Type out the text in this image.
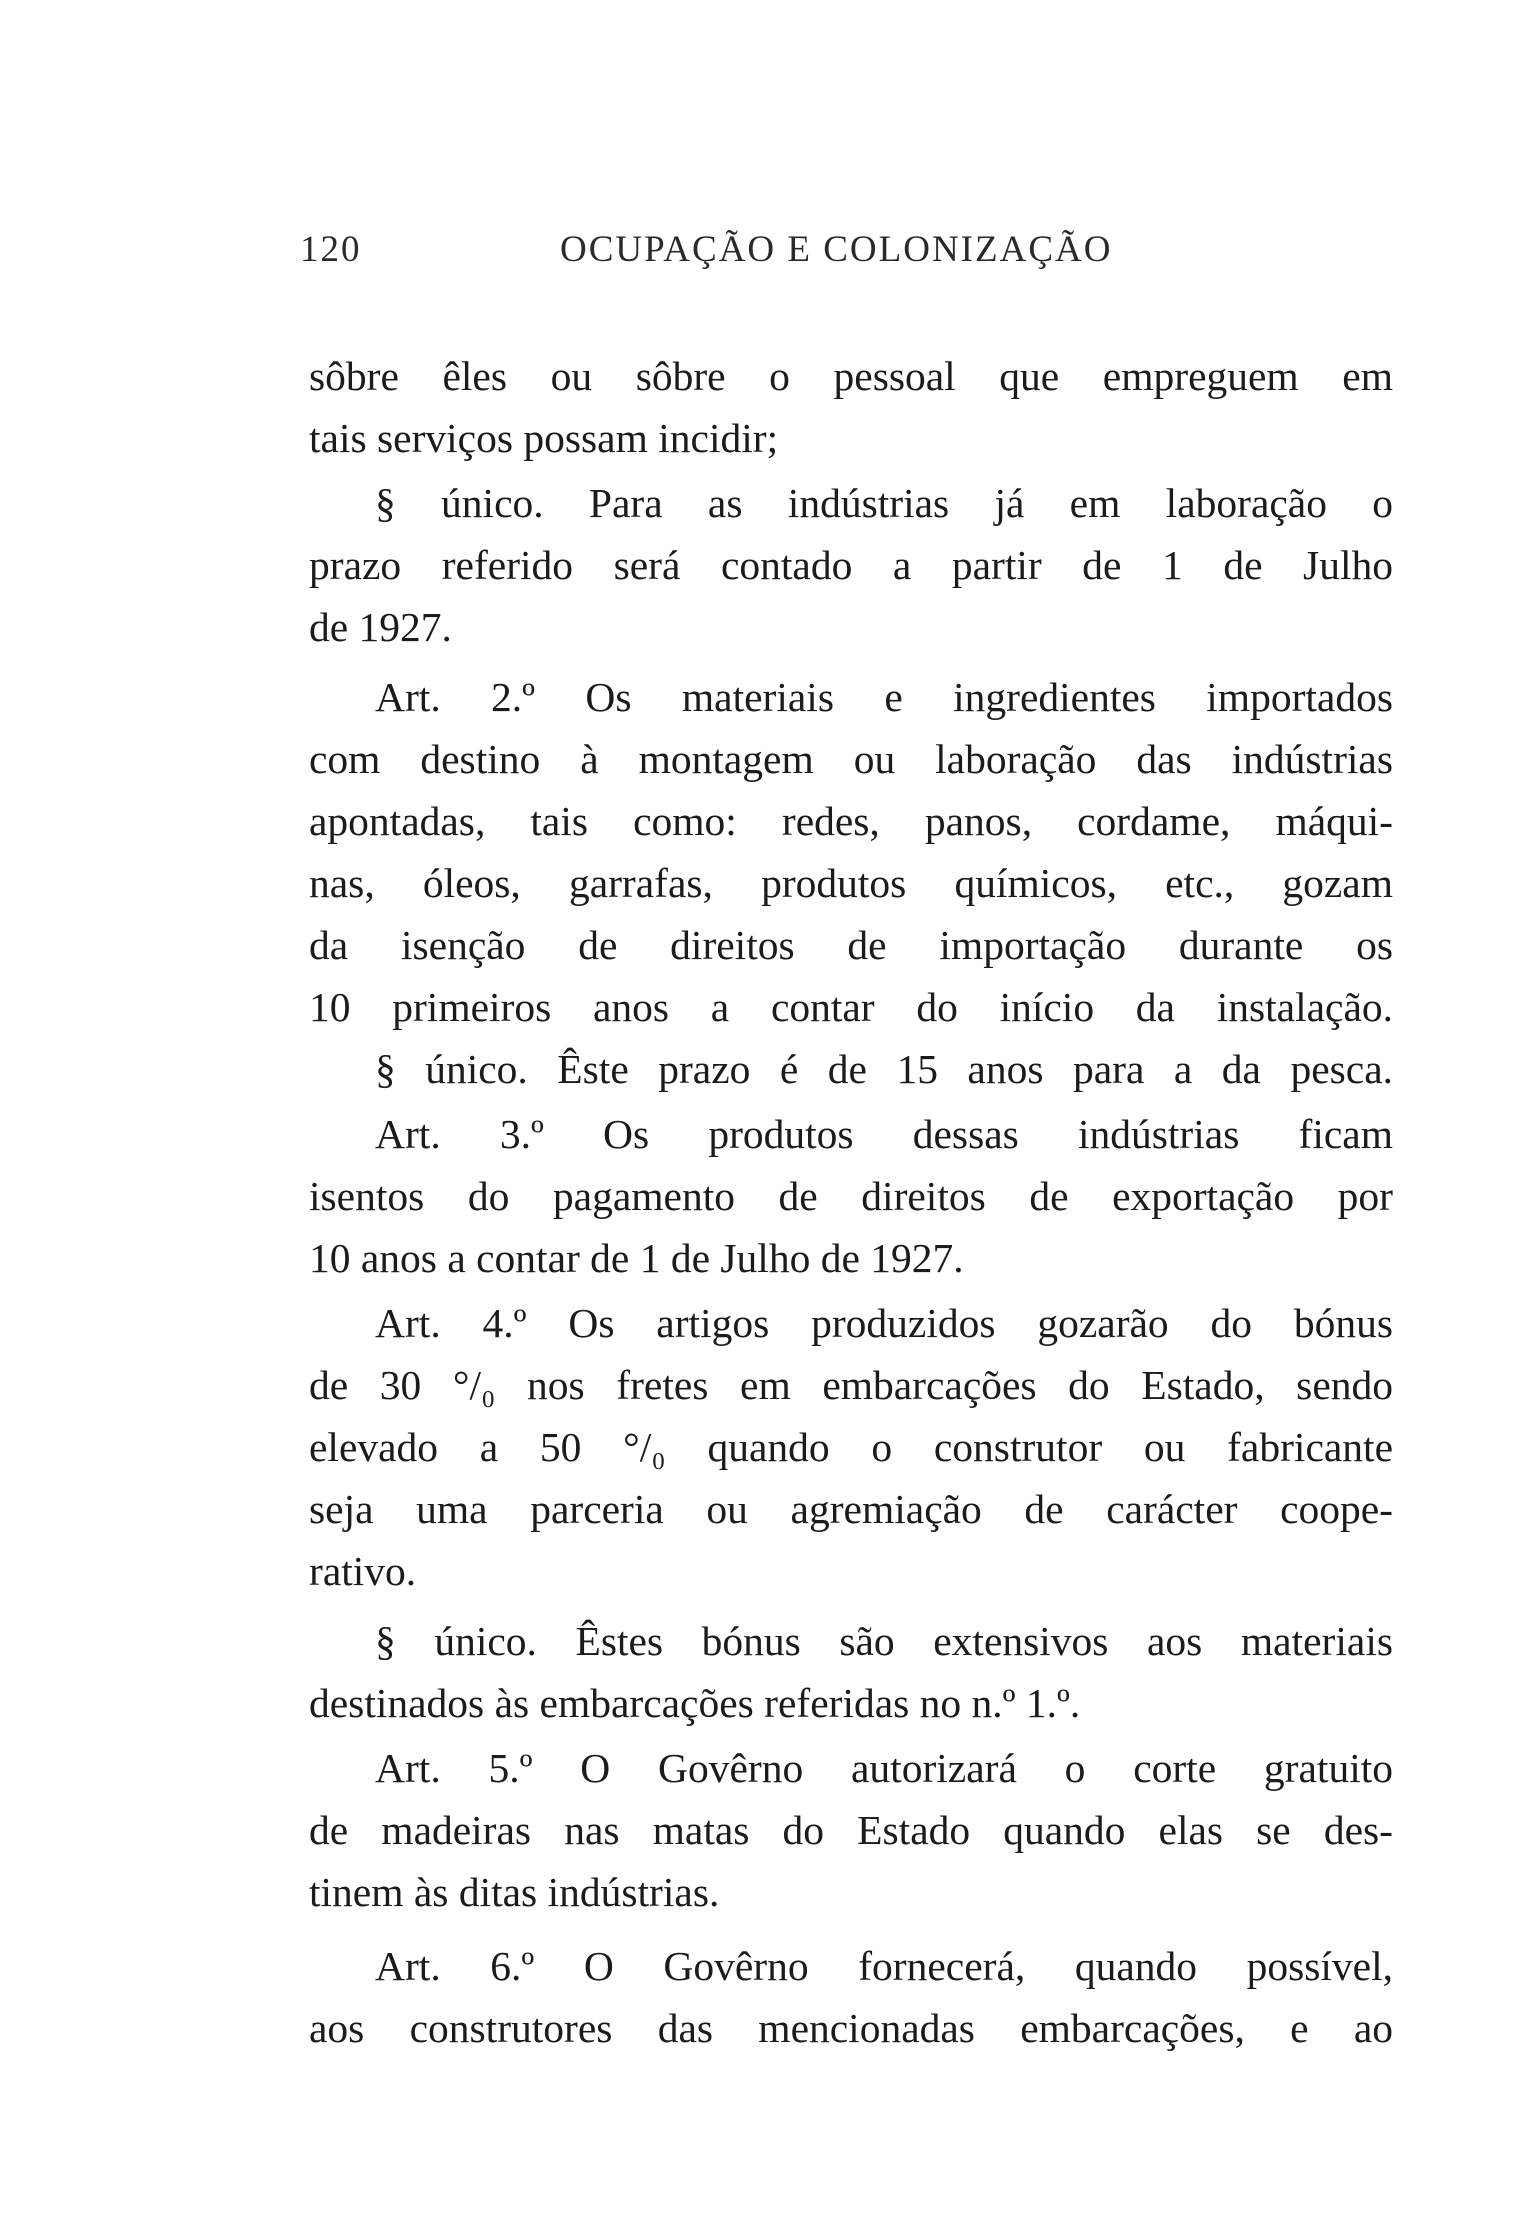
120	OCUPAÇÃO E COLONIZAÇÃO
sôbre êles ou sôbre o pessoal que empreguem em
tais serviços possam incidir;
§ único. Para as indústrias já em laboração o
prazo referido será contado a partir de 1 de Julho
de 1927.
Art. 2.º Os materiais e ingredientes importados
com destino à montagem ou laboração das indústrias
apontadas, tais como: redes, panos, cordame, máqui-
nas, óleos, garrafas, produtos químicos, etc., gozam
da isenção de direitos de importação durante os
10 primeiros anos a contar do início da instalação.
§ único. Êste prazo é de 15 anos para a da pesca.
Art. 3.º Os produtos dessas indústrias ficam
isentos do pagamento de direitos de exportação por
10 anos a contar de 1 de Julho de 1927.
Art. 4.º Os artigos produzidos gozarão do bónus
de 30 °/₀ nos fretes em embarcações do Estado, sendo
elevado a 50 °/₀ quando o construtor ou fabricante
seja uma parceria ou agremiação de carácter coope-
rativo.
§ único. Êstes bónus são extensivos aos materiais
destinados às embarcações referidas no n.º 1.º.
Art. 5.º O Govêrno autorizará o corte gratuito
de madeiras nas matas do Estado quando elas se des-
tinem às ditas indústrias.
Art. 6.º O Govêrno fornecerá, quando possível,
aos construtores das mencionadas embarcações, e ao
